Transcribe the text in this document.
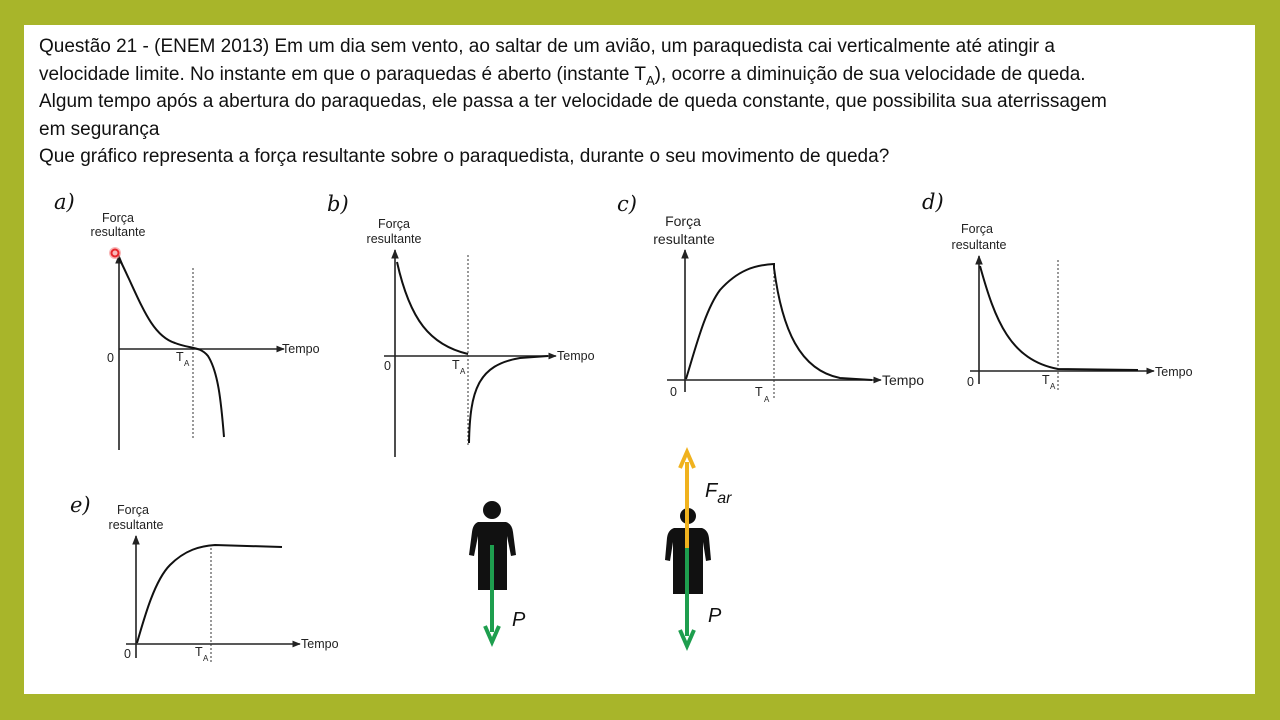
Questão 21 - (ENEM 2013) Em um dia sem vento, ao saltar de um avião, um paraquedista cai verticalmente até atingir a

velocidade limite. No instante em que o paraquedas é aberto (instante $T_A$), ocorre a diminuição de sua velocidade de queda.

Algum tempo após a abertura do paraquedas, ele passa a ter velocidade de queda constante, que possibilita sua aterrissagem

em segurança

Que gráfico representa a força resultante sobre o paraquedista, durante o seu movimento de queda?

a)
Força
resultante
Tempo
0	T A
b)
Força
resultante
Tempo
0	T A
c)
Força
resultante
Tempo
0	T
A
d)
Força
resultante
Tempo
0	T A
e) Força
resultante
Tempo
0	T A
P
$F_{ar}$
P
